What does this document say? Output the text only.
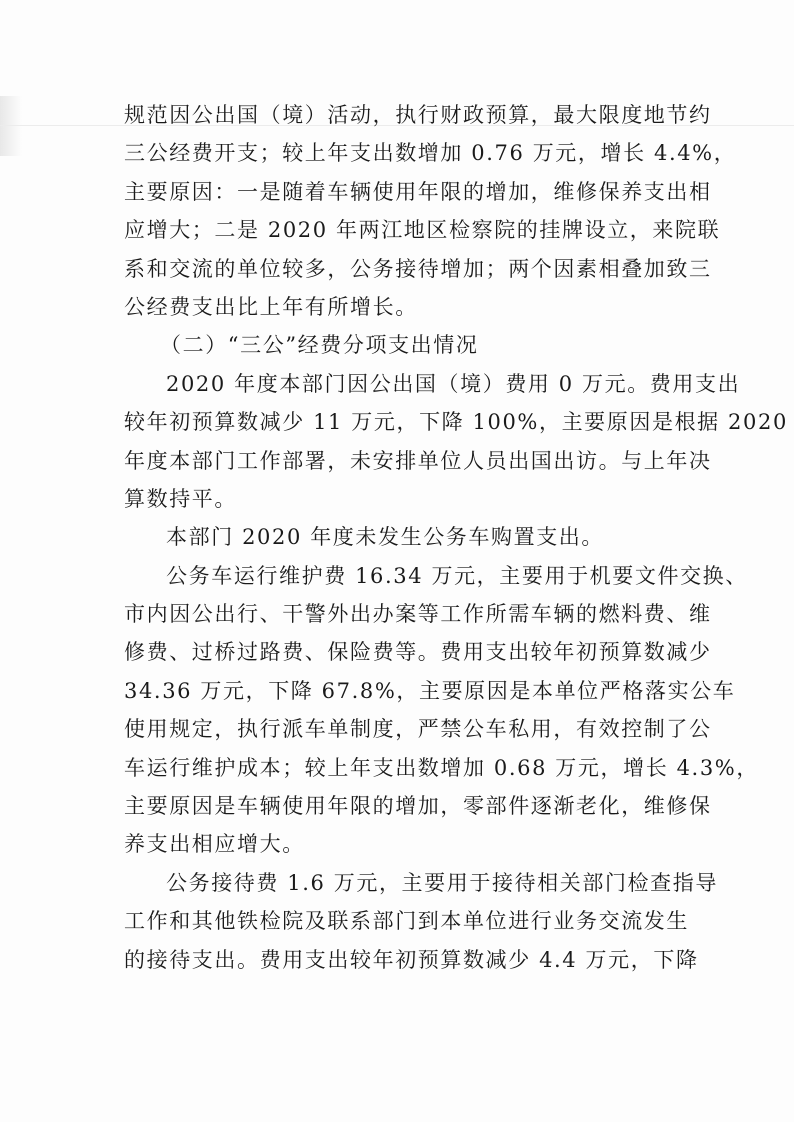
规范因公出国（境）活动，执行财政预算，最大限度地节约
三公经费开支；较上年支出数增加 0.76 万元，增长 4.4%，
主要原因：一是随着车辆使用年限的增加，维修保养支出相
应增大；二是 2020 年两江地区检察院的挂牌设立，来院联
系和交流的单位较多，公务接待增加；两个因素相叠加致三
公经费支出比上年有所增长。
（二）“三公”经费分项支出情况
2020 年度本部门因公出国（境）费用 0 万元。费用支出
较年初预算数减少 11 万元，下降 100%，主要原因是根据 2020
年度本部门工作部署，未安排单位人员出国出访。与上年决
算数持平。
本部门 2020 年度未发生公务车购置支出。
公务车运行维护费 16.34 万元，主要用于机要文件交换、
市内因公出行、干警外出办案等工作所需车辆的燃料费、维
修费、过桥过路费、保险费等。费用支出较年初预算数减少
34.36 万元，下降 67.8%，主要原因是本单位严格落实公车
使用规定，执行派车单制度，严禁公车私用，有效控制了公
车运行维护成本；较上年支出数增加 0.68 万元，增长 4.3%，
主要原因是车辆使用年限的增加，零部件逐渐老化，维修保
养支出相应增大。
公务接待费 1.6 万元，主要用于接待相关部门检查指导
工作和其他铁检院及联系部门到本单位进行业务交流发生
的接待支出。费用支出较年初预算数减少 4.4 万元，下降
